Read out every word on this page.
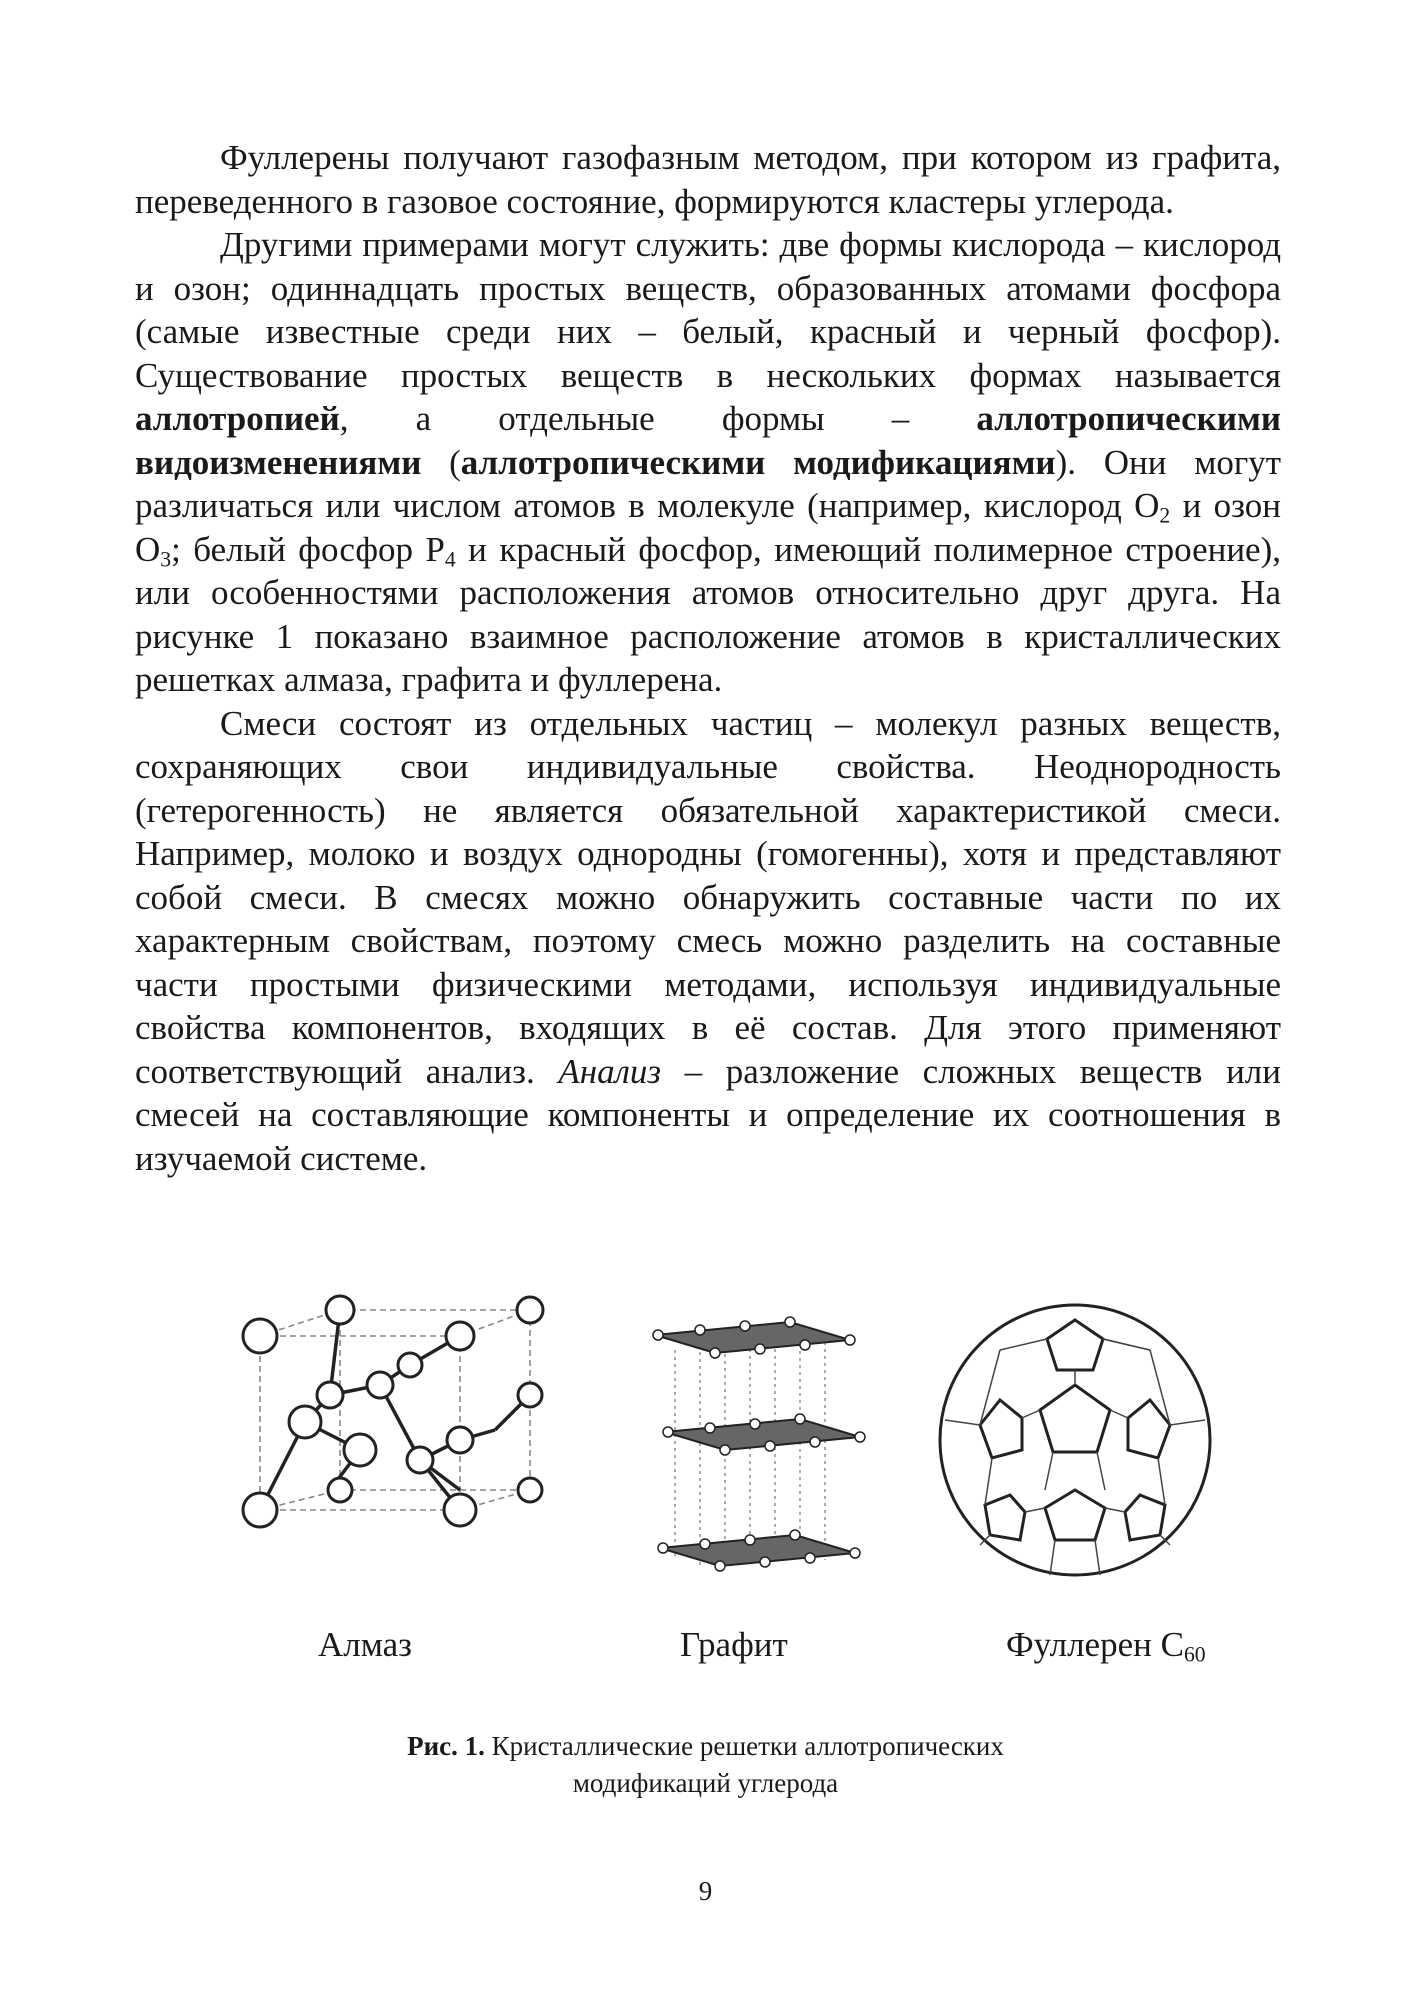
Фуллерены получают газофазным методом, при котором из графита, переведенного в газовое состояние, формируются кластеры углерода.

Другими примерами могут служить: две формы кислорода – кислород и озон; одиннадцать простых веществ, образованных атомами фосфора (самые известные среди них – белый, красный и черный фосфор). Существование простых веществ в нескольких формах называется аллотропией, а отдельные формы – аллотропическими видоизменениями (аллотропическими модификациями). Они могут различаться или числом атомов в молекуле (например, кислород $O_2$ и озон $O_3$; белый фосфор $P_4$ и красный фосфор, имеющий полимерное строение), или особенностями расположения атомов относительно друг друга. На рисунке 1 показано взаимное расположение атомов в кристаллических решетках алмаза, графита и фуллерена.

Смеси состоят из отдельных частиц – молекул разных веществ, сохраняющих свои индивидуальные свойства. Неоднородность (гетерогенность) не является обязательной характеристикой смеси. Например, молоко и воздух однородны (гомогенны), хотя и представляют собой смеси. В смесях можно обнаружить составные части по их характерным свойствам, поэтому смесь можно разделить на составные части простыми физическими методами, используя индивидуальные свойства компонентов, входящих в её состав. Для этого применяют соответствующий анализ. Анализ – разложение сложных веществ или смесей на составляющие компоненты и определение их соотношения в изучаемой системе.

Алмаз	Графит	Фуллерен $C_{60}$
Рис. 1. Кристаллические решетки аллотропических
модификаций углерода
9
